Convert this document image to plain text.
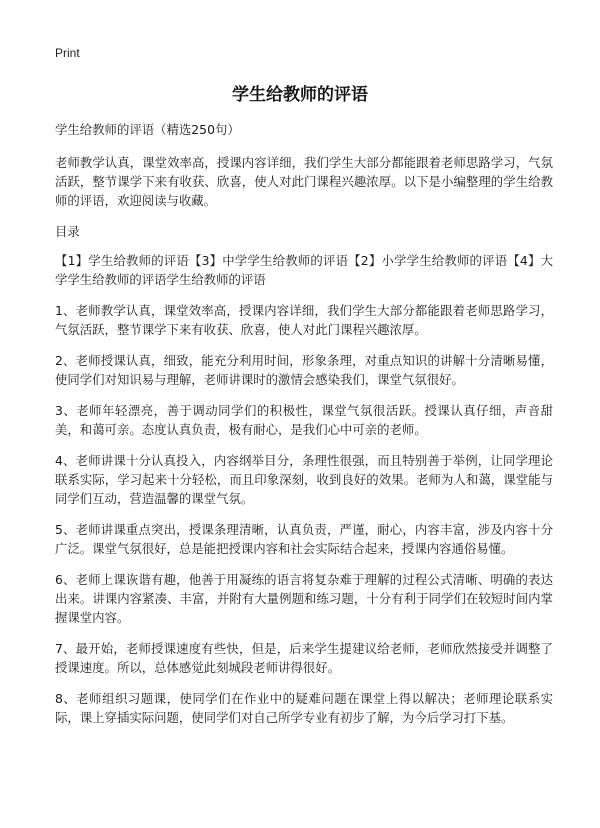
Print
学生给教师的评语

学生给教师的评语（精选250句）

老师教学认真，课堂效率高，授课内容详细，我们学生大部分都能跟着老师思路学习，气氛活跃，整节课学下来有收获、欣喜，使人对此门课程兴趣浓厚。以下是小编整理的学生给教师的评语，欢迎阅读与收藏。

目录

【1】学生给教师的评语【3】中学学生给教师的评语【2】小学学生给教师的评语【4】大学学生给教师的评语学生给教师的评语

1、老师教学认真，课堂效率高，授课内容详细，我们学生大部分都能跟着老师思路学习，气氛活跃，整节课学下来有收获、欣喜，使人对此门课程兴趣浓厚。

2、老师授课认真，细致，能充分利用时间，形象条理，对重点知识的讲解十分清晰易懂，使同学们对知识易与理解，老师讲课时的激情会感染我们，课堂气氛很好。

3、老师年轻漂亮，善于调动同学们的积极性，课堂气氛很活跃。授课认真仔细，声音甜美，和蔼可亲。态度认真负责，极有耐心，是我们心中可亲的老师。

4、老师讲课十分认真投入，内容纲举目分，条理性很强，而且特别善于举例，让同学理论联系实际，学习起来十分轻松，而且印象深刻，收到良好的效果。老师为人和蔼，课堂能与同学们互动，营造温馨的课堂气氛。

5、老师讲课重点突出，授课条理清晰，认真负责，严谨，耐心，内容丰富，涉及内容十分广泛。课堂气氛很好，总是能把授课内容和社会实际结合起来，授课内容通俗易懂。

6、老师上课诙谐有趣，他善于用凝练的语言将复杂难于理解的过程公式清晰、明确的表达出来。讲课内容紧凑、丰富，并附有大量例题和练习题，十分有利于同学们在较短时间内掌握课堂内容。

7、最开始，老师授课速度有些快，但是，后来学生提建议给老师，老师欣然接受并调整了授课速度。所以，总体感觉此刻城段老师讲得很好。

8、老师组织习题课，使同学们在作业中的疑难问题在课堂上得以解决；老师理论联系实际，课上穿插实际问题，使同学们对自己所学专业有初步了解，为今后学习打下基。
